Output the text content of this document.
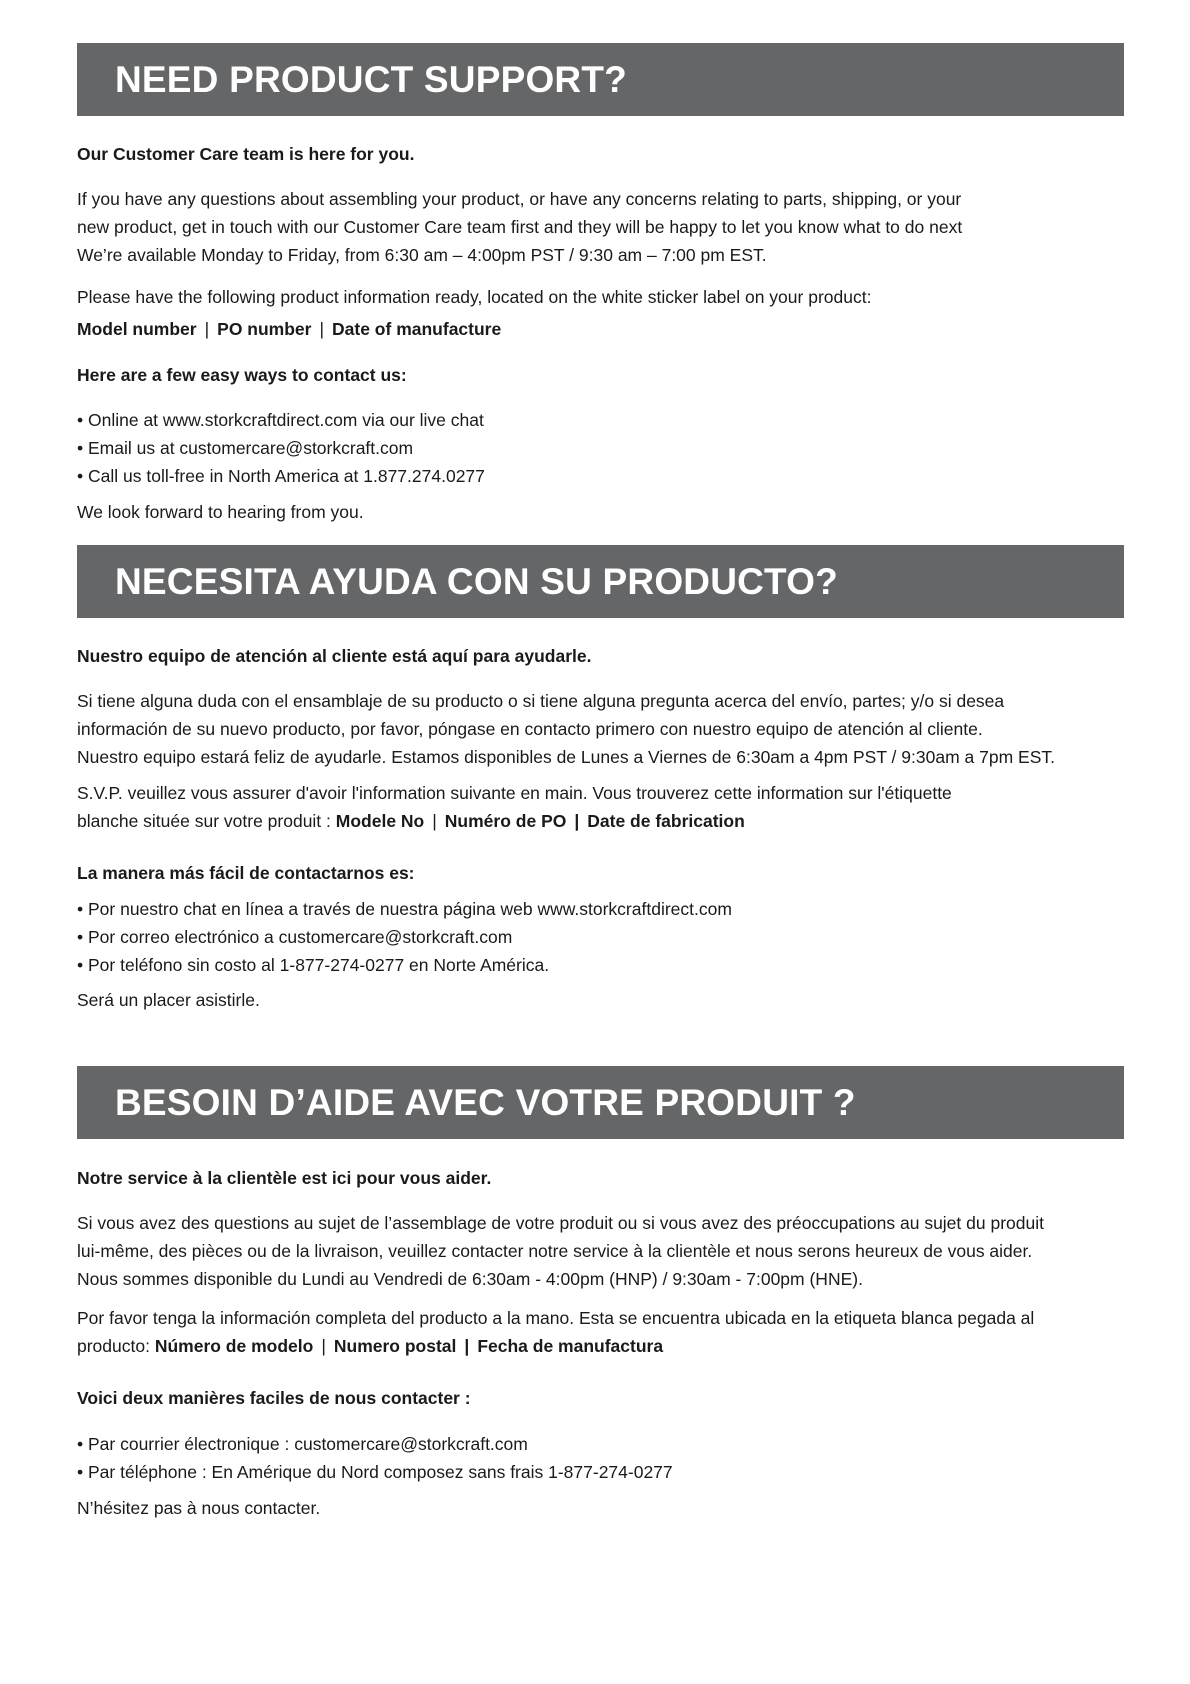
NEED PRODUCT SUPPORT?

Our Customer Care team is here for you.

If you have any questions about assembling your product, or have any concerns relating to parts, shipping, or your
new product, get in touch with our Customer Care team first and they will be happy to let you know what to do next
We’re available Monday to Friday, from 6:30 am – 4:00pm PST / 9:30 am – 7:00 pm EST.

Please have the following product information ready, located on the white sticker label on your product:

Model number | PO number | Date of manufacture

Here are a few easy ways to contact us:

• Online at www.storkcraftdirect.com via our live chat
• Email us at customercare@storkcraft.com
• Call us toll-free in North America at 1.877.274.0277

We look forward to hearing from you.

NECESITA AYUDA CON SU PRODUCTO?

Nuestro equipo de atención al cliente está aquí para ayudarle.

Si tiene alguna duda con el ensamblaje de su producto o si tiene alguna pregunta acerca del envío, partes; y/o si desea
información de su nuevo producto, por favor, póngase en contacto primero con nuestro equipo de atención al cliente.
Nuestro equipo estará feliz de ayudarle. Estamos disponibles de Lunes a Viernes de 6:30am a 4pm PST / 9:30am a 7pm EST.

S.V.P. veuillez vous assurer d'avoir l'information suivante en main. Vous trouverez cette information sur l'étiquette
blanche située sur votre produit : Modele No | Numéro de PO | Date de fabrication

La manera más fácil de contactarnos es:

• Por nuestro chat en línea a través de nuestra página web www.storkcraftdirect.com
• Por correo electrónico a customercare@storkcraft.com
• Por teléfono sin costo al 1-877-274-0277 en Norte América.

Será un placer asistirle.

BESOIN D’AIDE AVEC VOTRE PRODUIT ?

Notre service à la clientèle est ici pour vous aider.

Si vous avez des questions au sujet de l’assemblage de votre produit ou si vous avez des préoccupations au sujet du produit
lui-même, des pièces ou de la livraison, veuillez contacter notre service à la clientèle et nous serons heureux de vous aider.
Nous sommes disponible du Lundi au Vendredi de 6:30am - 4:00pm (HNP) / 9:30am - 7:00pm (HNE).

Por favor tenga la información completa del producto a la mano. Esta se encuentra ubicada en la etiqueta blanca pegada al
producto: Número de modelo | Numero postal | Fecha de manufactura

Voici deux manières faciles de nous contacter :

• Par courrier électronique : customercare@storkcraft.com
• Par téléphone : En Amérique du Nord composez sans frais 1-877-274-0277

N’hésitez pas à nous contacter.
